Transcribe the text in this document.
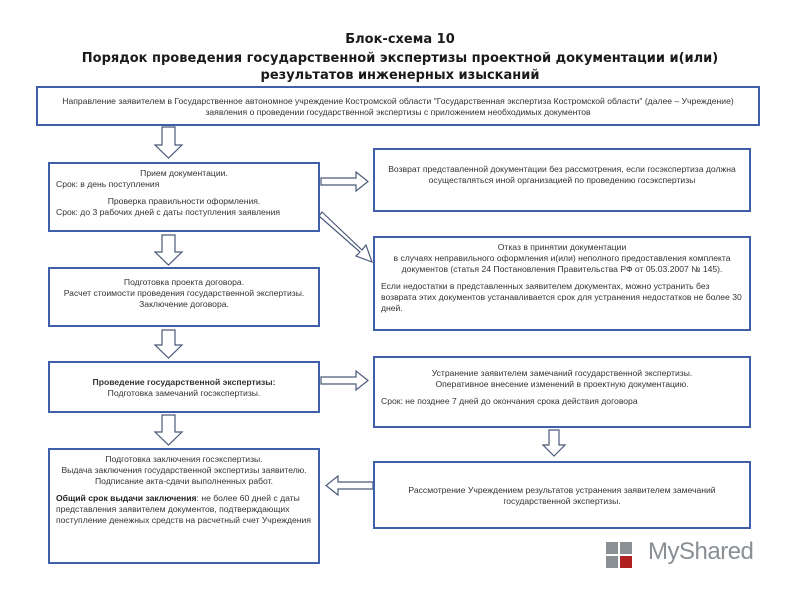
Блок-схема 10
Порядок проведения государственной экспертизы проектной документации и(или) результатов инженерных изысканий
Направление заявителем в Государственное автономное учреждение Костромской области "Государственная экспертиза Костромской области" (далее – Учреждение) заявления о проведении государственной экспертизы с приложением необходимых документов
Прием документации.
Срок: в день поступления
Проверка правильности оформления.
Срок: до 3 рабочих дней с даты поступления заявления
Возврат представленной документации без рассмотрения, если госэкспертиза должна осуществляться иной организацией по проведению госэкспертизы
Отказ в принятии документации
в случаях неправильного оформления и(или) неполного предоставления комплекта документов (статья 24 Постановления Правительства РФ от 05.03.2007 № 145).
Если недостатки в представленных заявителем документах, можно устранить без возврата этих документов устанавливается срок для устранения недостатков не более 30 дней.
Подготовка проекта договора.
Расчет стоимости проведения государственной экспертизы.
Заключение договора.
Проведение государственной экспертизы:
Подготовка замечаний госэкспертизы.
Устранение заявителем замечаний государственной экспертизы.
Оперативное внесение изменений в проектную документацию.
Срок: не позднее 7 дней до окончания срока действия договора
Подготовка заключения госэкспертизы.
Выдача заключения государственной экспертизы заявителю.
Подписание акта-сдачи выполненных работ.
Общий срок выдачи заключения: не более 60 дней с даты представления заявителем документов, подтверждающих поступление денежных средств на расчетный счет Учреждения
Рассмотрение Учреждением результатов устранения заявителем замечаний государственной экспертизы.
MyShared
